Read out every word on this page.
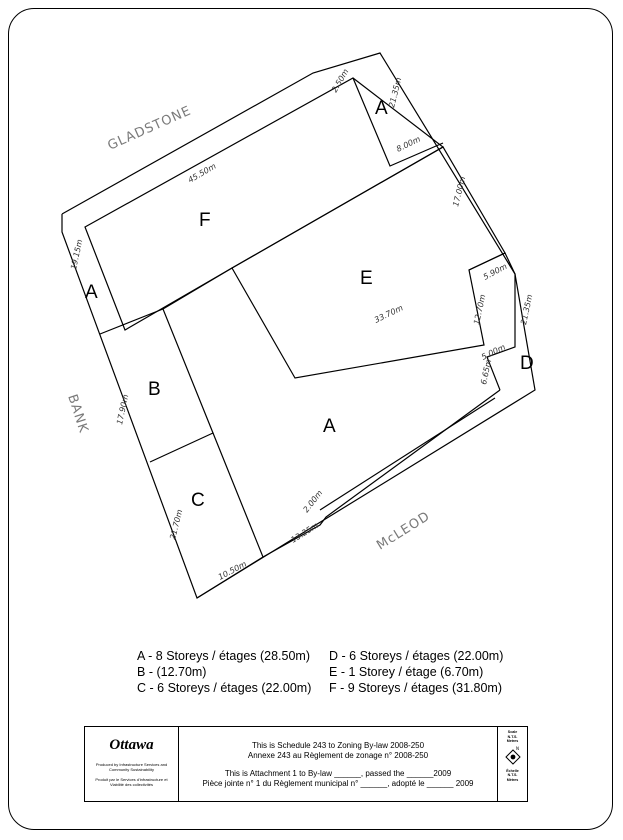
GLADSTONE
BANK
McLEOD
2.50m	21.35m
8.00m
45.50m
17.00m
19.15m
5.90m
12.70m	21.35m
33.70m
5.00m
6.65m
17.90m
2.00m
13.25m
21.70m
10.50m
A
F
A
E
D
B
A
C
A - 8 Storeys / étages (28.50m)
B - (12.70m)
C - 6 Storeys / étages (22.00m)
D - 6 Storeys / étages (22.00m)
E - 1 Storey / étage (6.70m)
F - 9 Storeys / étages (31.80m)
Ottawa
Produced by Infrastructure Services and Community Sustainability
Produit par le Services d'infrastructure et Viabilité des collectivités
This is Schedule 243 to Zoning By-law 2008-250
Annexe 243 au Règlement de zonage n° 2008-250
This is Attachment 1 to By-law ______, passed the ______2009
Pièce jointe n° 1 du Règlement municipal n° ______, adopté le ______ 2009
Scale
N.T.S.
Metres
N
Échelle
N.T.S.
Mètres
